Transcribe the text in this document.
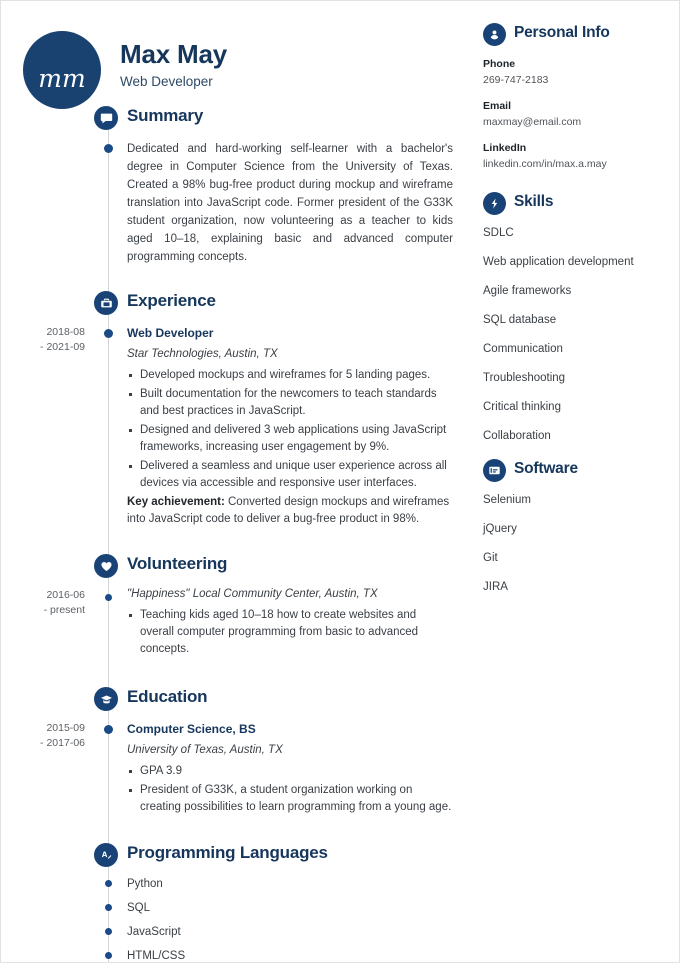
mm
Max May
Web Developer
Summary
Dedicated and hard-working self-learner with a bachelor's degree in Computer Science from the University of Texas. Created a 98% bug-free product during mockup and wireframe translation into JavaScript code. Former president of the G33K student organization, now volunteering as a teacher to kids aged 10–18, explaining basic and advanced computer programming concepts.
Experience
2018-08
- 2021-09
Web Developer
Star Technologies, Austin, TX
Developed mockups and wireframes for 5 landing pages.
Built documentation for the newcomers to teach standards and best practices in JavaScript.
Designed and delivered 3 web applications using JavaScript frameworks, increasing user engagement by 9%.
Delivered a seamless and unique user experience across all devices via accessible and responsive user interfaces.
Key achievement: Converted design mockups and wireframes into JavaScript code to deliver a bug-free product in 98%.
Volunteering
2016-06
- present
"Happiness" Local Community Center, Austin, TX
Teaching kids aged 10–18 how to create websites and overall computer programming from basic to advanced concepts.
Education
2015-09
- 2017-06
Computer Science, BS
University of Texas, Austin, TX
GPA 3.9
President of G33K, a student organization working on creating possibilities to learn programming from a young age.
Programming Languages
Python
SQL
JavaScript
HTML/CSS
Personal Info
Phone
269-747-2183
Email
maxmay@email.com
LinkedIn
linkedin.com/in/max.a.may
Skills
SDLC
Web application development
Agile frameworks
SQL database
Communication
Troubleshooting
Critical thinking
Collaboration
Software
Selenium
jQuery
Git
JIRA
